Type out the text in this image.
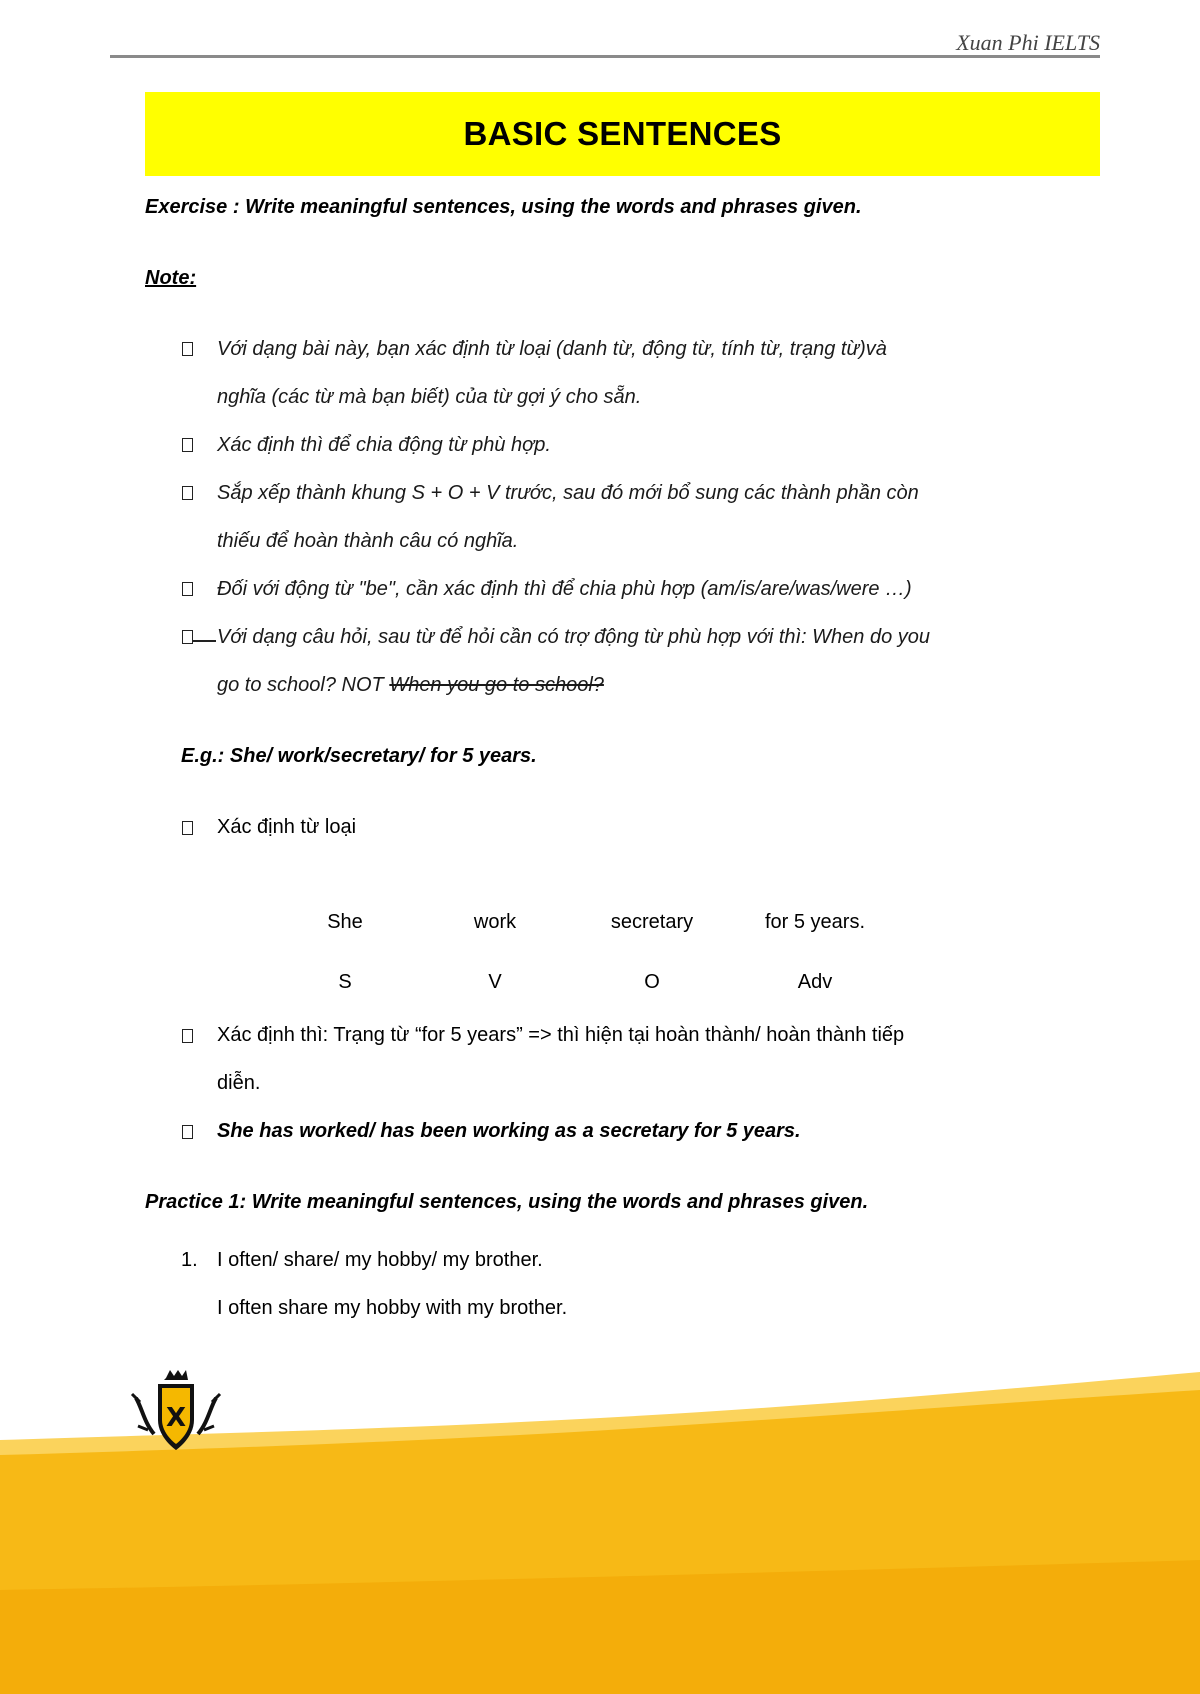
Xuan Phi IELTS
BASIC SENTENCES
Exercise : Write meaningful sentences, using the words and phrases given.
Note:
Với dạng bài này, bạn xác định từ loại (danh từ, động từ, tính từ, trạng từ)và
nghĩa (các từ mà bạn biết) của từ gợi ý cho sẵn.
Xác định thì để chia động từ phù hợp.
Sắp xếp thành khung S + O + V trước, sau đó mới bổ sung các thành phần còn
thiếu để hoàn thành câu có nghĩa.
Đối với động từ "be", cần xác định thì để chia phù hợp (am/is/are/was/were …)
Với dạng câu hỏi, sau từ để hỏi cần có trợ động từ phù hợp với thì: When do you
go to school? NOT When you go to school?
E.g.: She/ work/secretary/ for 5 years.
Xác định từ loại
She	work	secretary	for 5 years.
S	V	O	Adv
Xác định thì: Trạng từ “for 5 years” => thì hiện tại hoàn thành/ hoàn thành tiếp
diễn.
She has worked/ has been working as a secretary for 5 years.
Practice 1: Write meaningful sentences, using the words and phrases given.
1. I often/ share/ my hobby/ my brother.
I often share my hobby with my brother.
X
